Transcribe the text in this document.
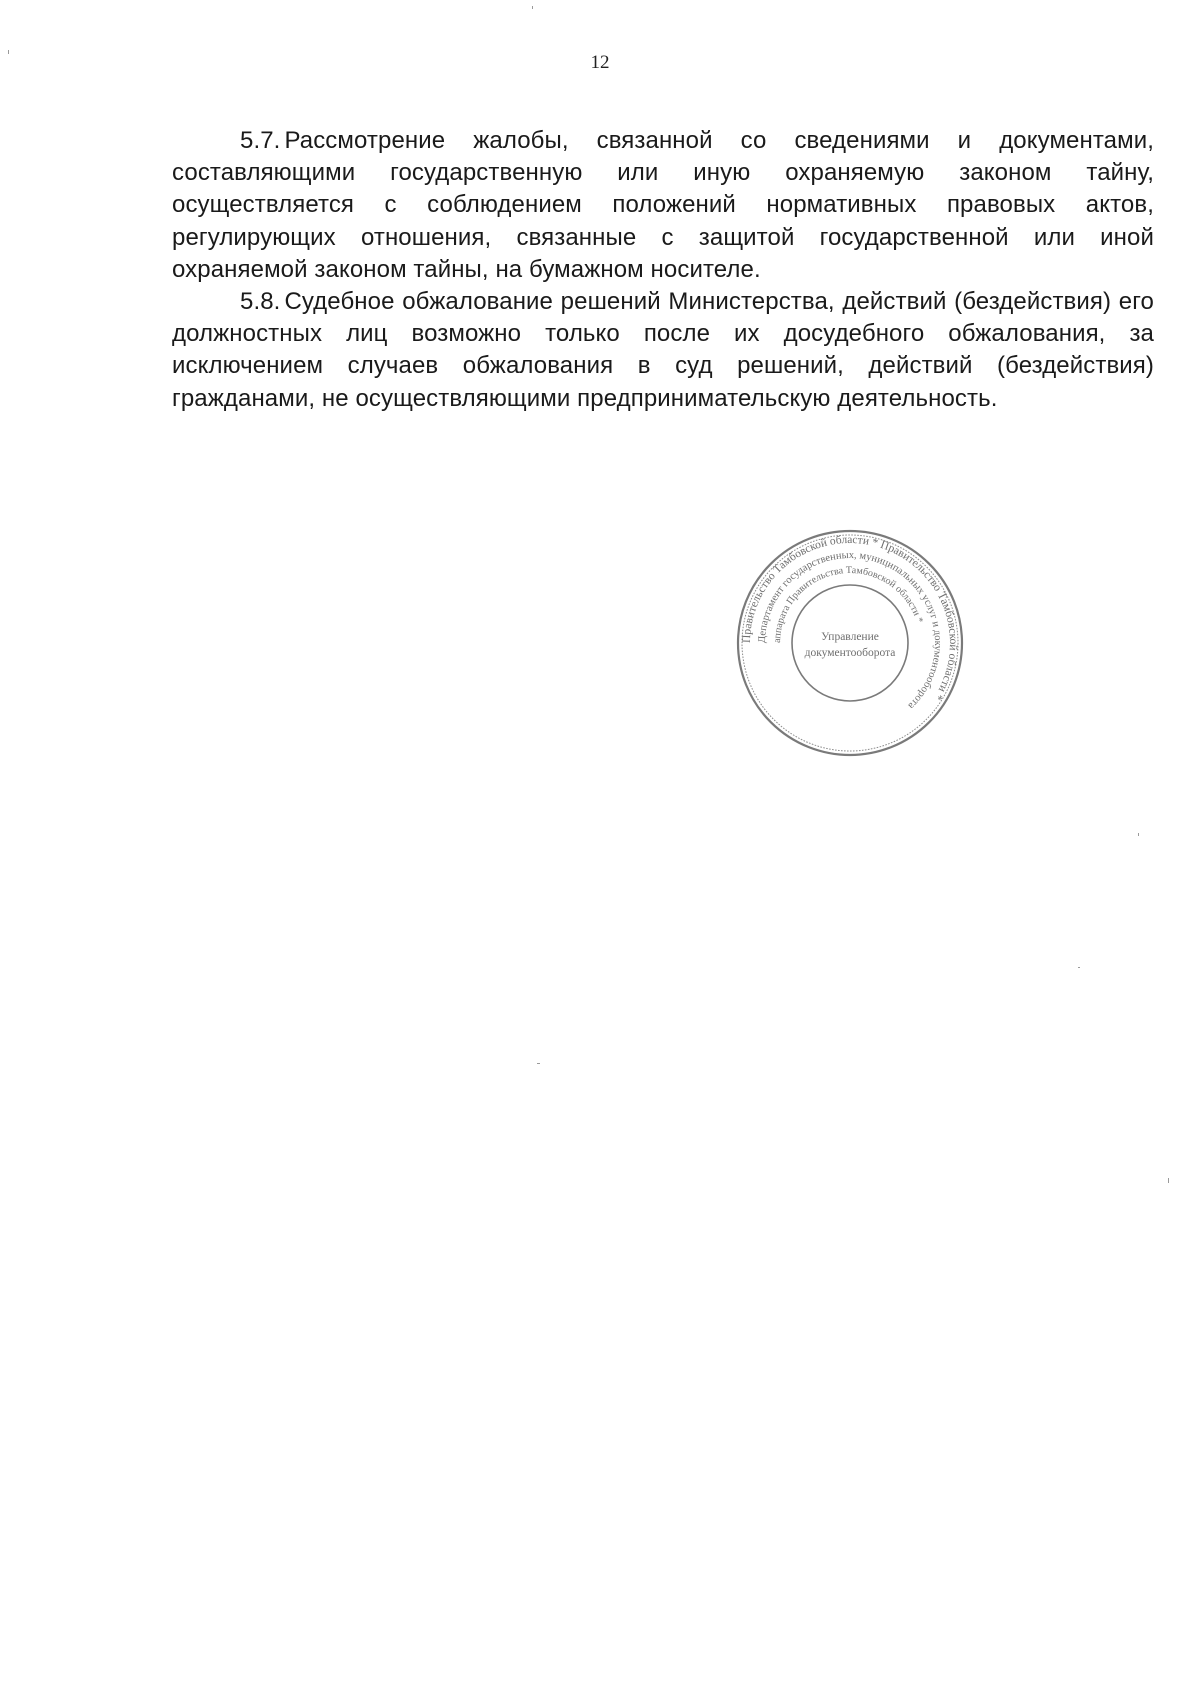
12

5.7. Рассмотрение жалобы, связанной со сведениями и документами, составляющими государственную или иную охраняемую законом тайну, осуществляется с соблюдением положений нормативных правовых актов, регулирующих отношения, связанные с защитой государственной или иной охраняемой законом тайны, на бумажном носителе.

5.8. Судебное обжалование решений Министерства, действий (бездействия) его должностных лиц возможно только после их досудебного обжалования, за исключением случаев обжалования в суд решений, действий (бездействия) гражданами, не осуществляющими предпринимательскую деятельность.

Правительство Тамбовской области * Правительство Тамбовской области *
Департамент государственных, муниципальных услуг и документооборота
аппарата Правительства Тамбовской области *
Управление
документооборота
